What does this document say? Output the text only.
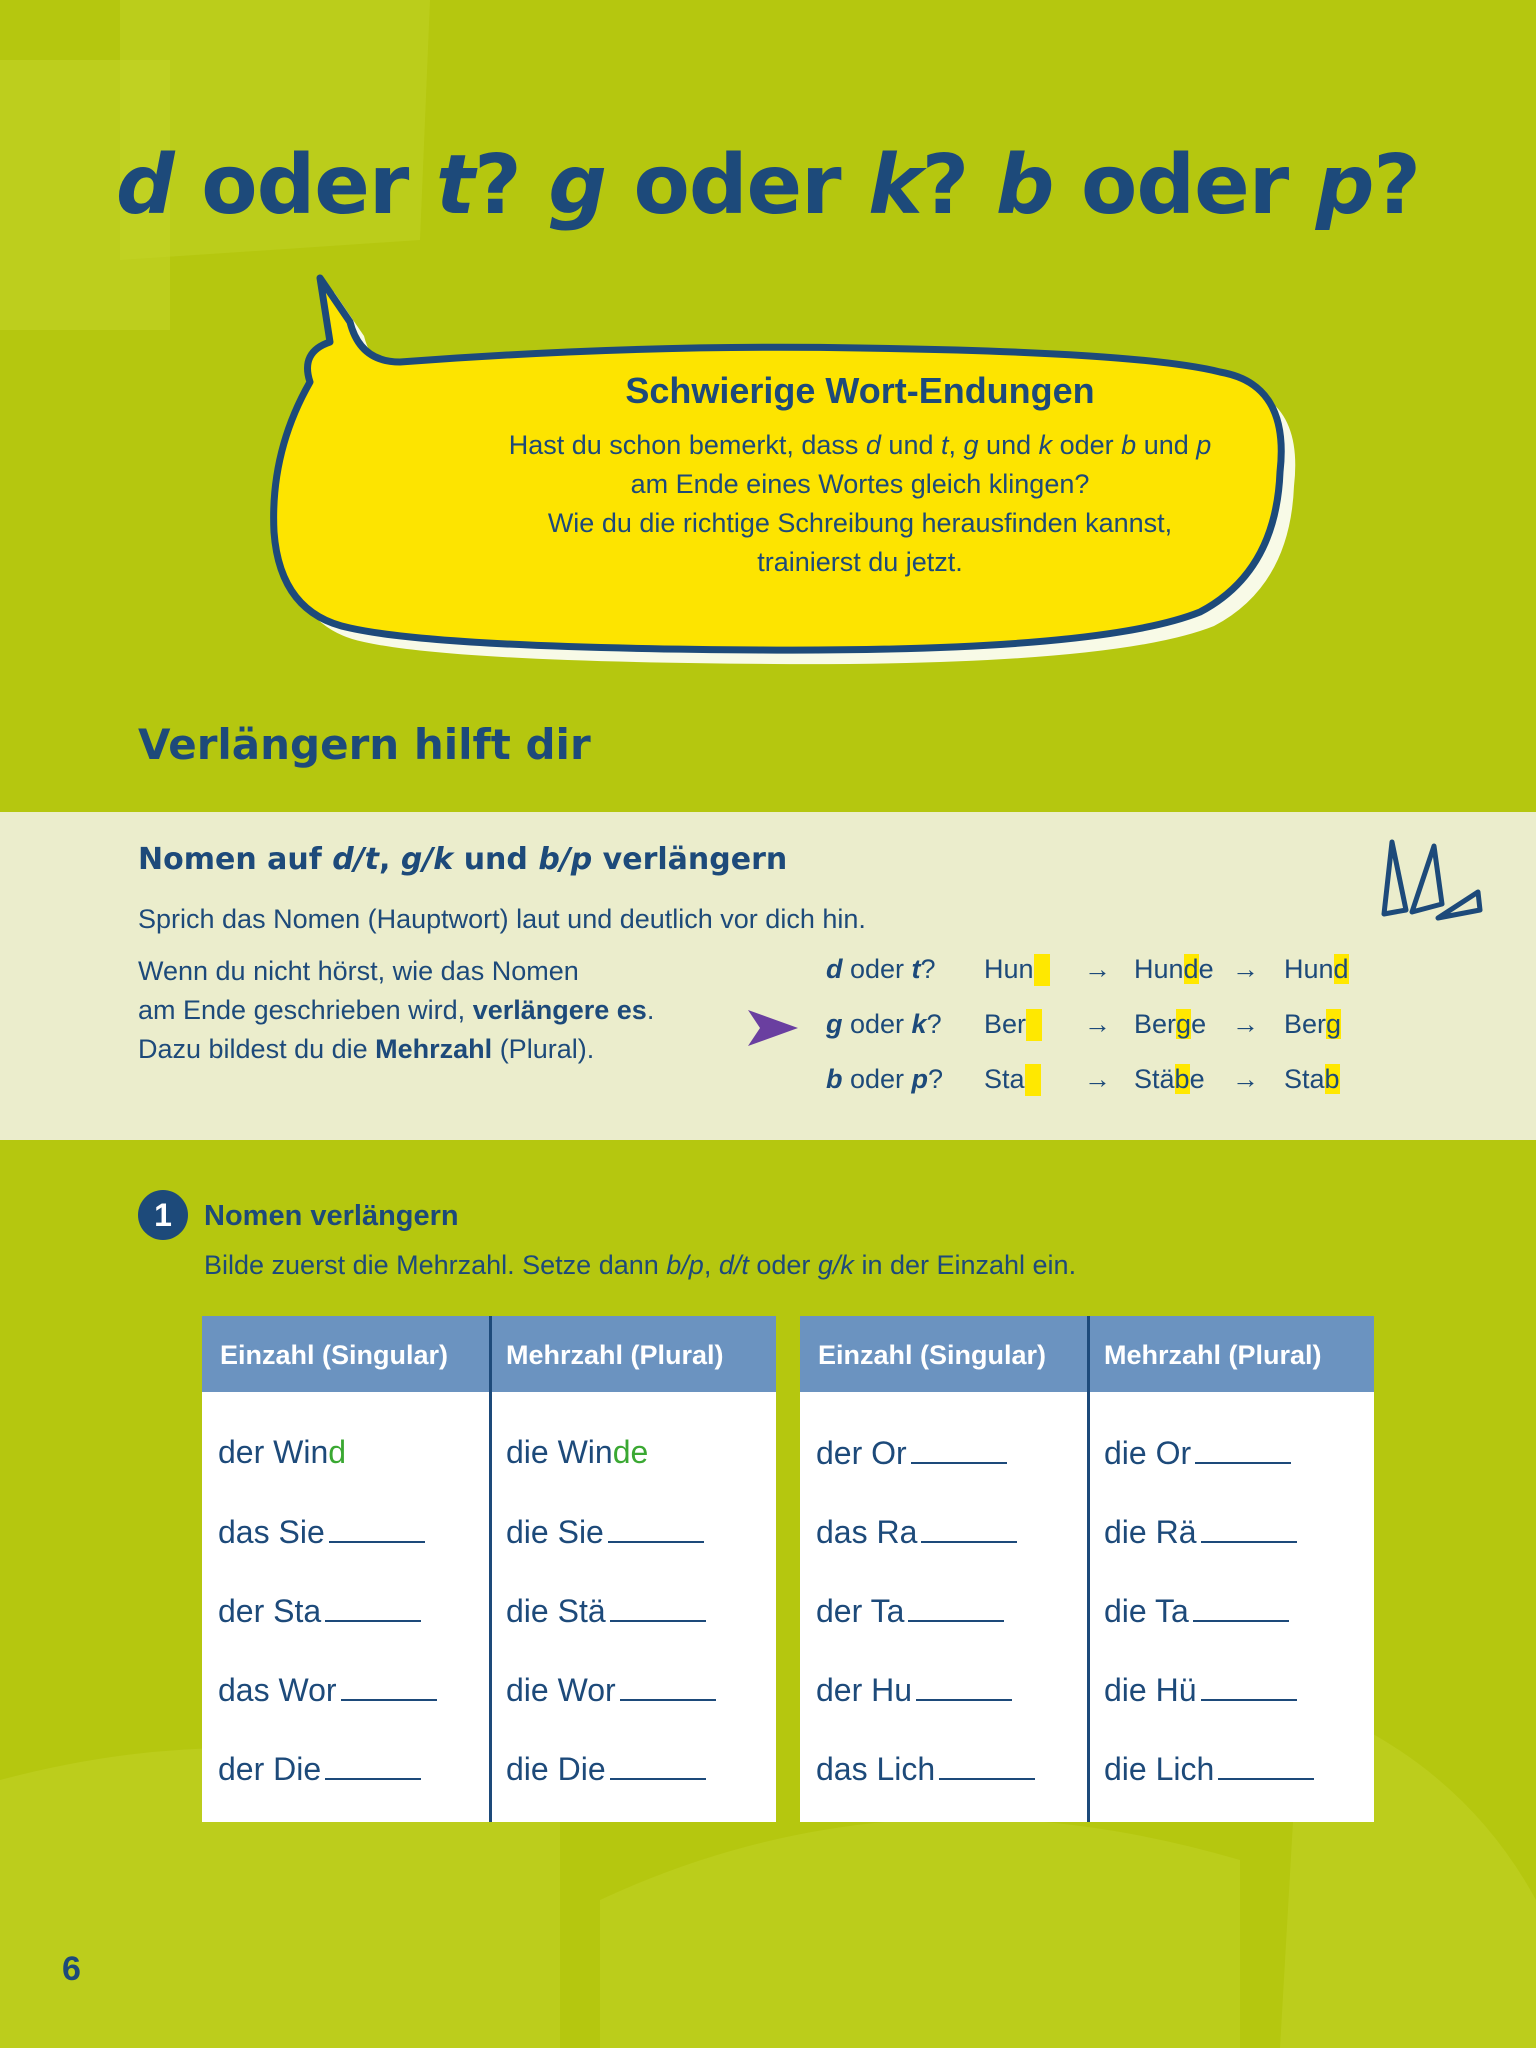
d oder t? g oder k? b oder p?
Schwierige Wort-Endungen
Hast du schon bemerkt, dass d und t, g und k oder b und p
am Ende eines Wortes gleich klingen?
Wie du die richtige Schreibung herausfinden kannst,
trainierst du jetzt.
Verlängern hilft dir
Nomen auf d/t, g/k und b/p verlängern
Sprich das Nomen (Hauptwort) laut und deutlich vor dich hin.
Wenn du nicht hörst, wie das Nomen
am Ende geschrieben wird, verlängere es.
Dazu bildest du die Mehrzahl (Plural).
d oder t? Hun → Hunde → Hund
g oder k? Ber → Berge → Berg
b oder p? Sta → Stäbe → Stab
1	Nomen verlängern
Bilde zuerst die Mehrzahl. Setze dann b/p, d/t oder g/k in der Einzahl ein.
Einzahl (Singular) Mehrzahl (Plural)
der Wind	die Winde
das Sie	die Sie
der Sta	die Stä
das Wor	die Wor
der Die	die Die
Einzahl (Singular) Mehrzahl (Plural)
der Or	die Or
das Ra	die Rä
der Ta	die Ta
der Hu	die Hü
das Lich	die Lich
6
